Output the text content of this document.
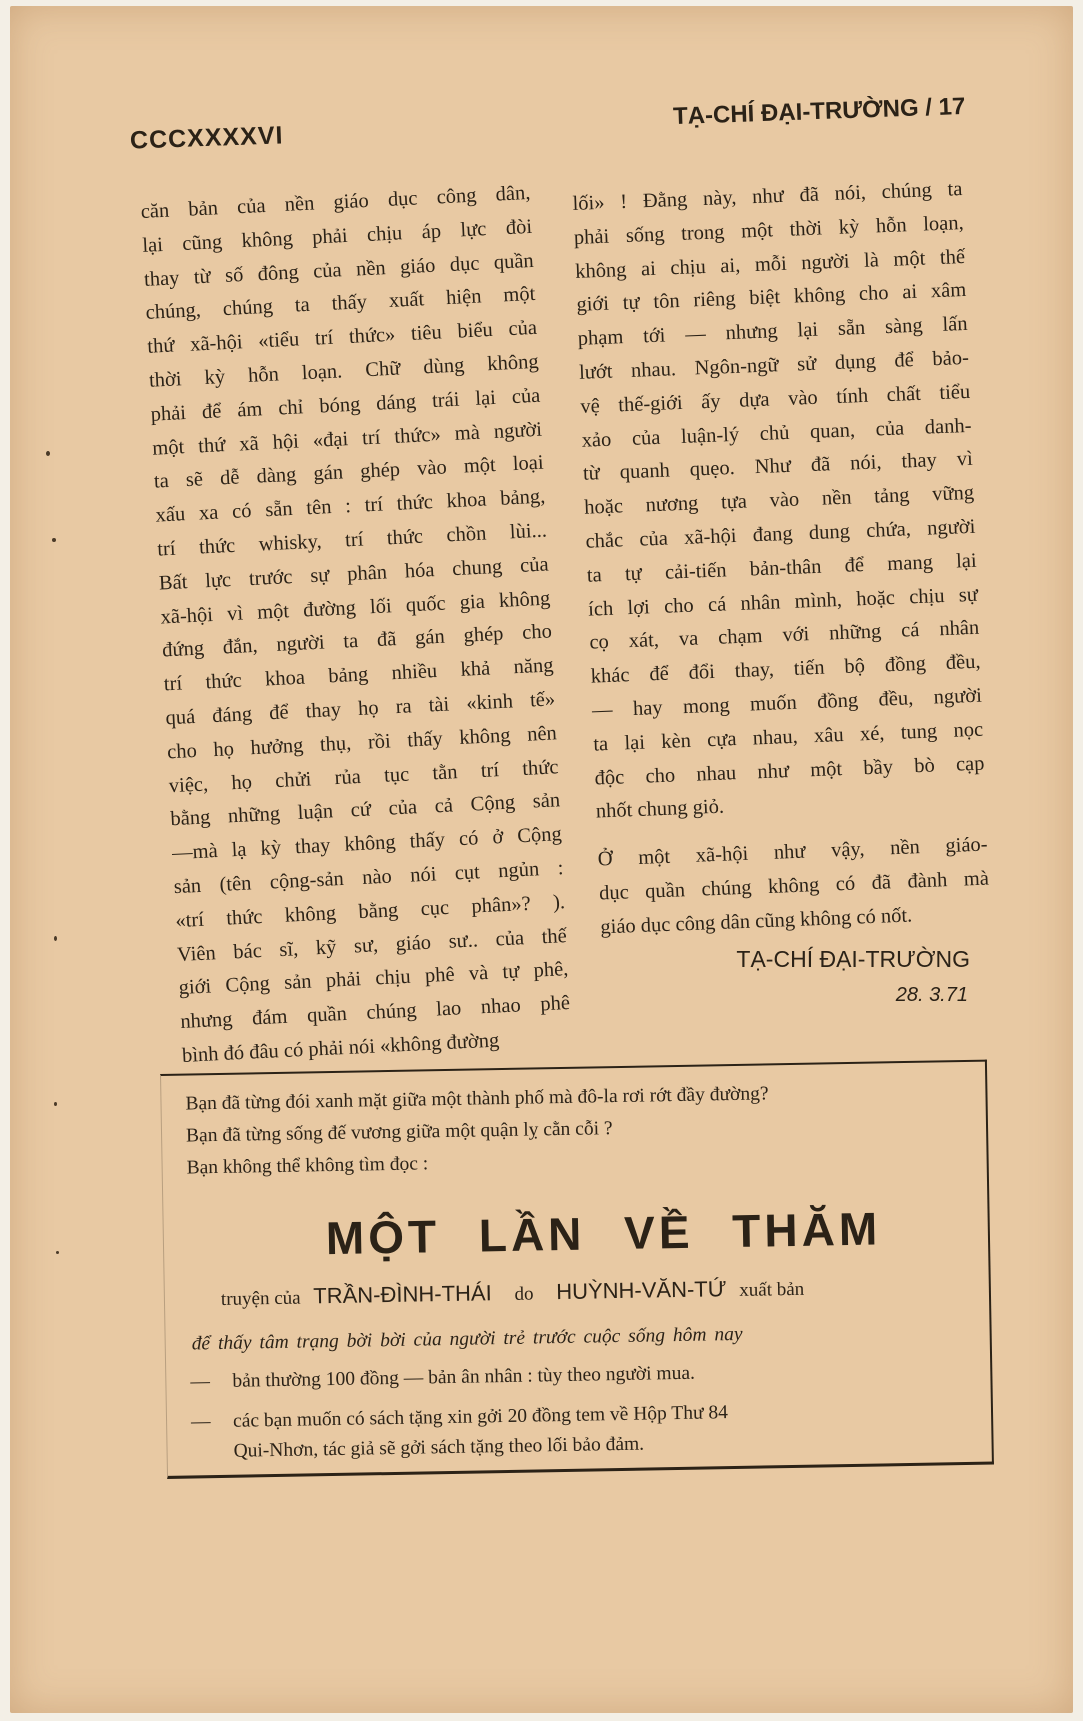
CCCXXXXVI
TẠ-CHÍ ĐẠI-TRƯỜNG / 17
căn bản của nền giáo dục công dân,
lại cũng không phải chịu áp lực đòi
thay từ số đông của nền giáo dục quần
chúng, chúng ta thấy xuất hiện một
thứ xã-hội «tiểu trí thức» tiêu biểu của
thời kỳ hỗn loạn. Chữ dùng không
phải để ám chỉ bóng dáng trái lại của
một thứ xã hội «đại trí thức» mà người
ta sẽ dễ dàng gán ghép vào một loại
xấu xa có sẵn tên : trí thức khoa bảng,
trí thức whisky, trí thức chồn lùi...
Bất lực trước sự phân hóa chung của
xã-hội vì một đường lối quốc gia không
đứng đắn, người ta đã gán ghép cho
trí thức khoa bảng nhiều khả năng
quá đáng để thay họ ra tài «kinh tế»
cho họ hưởng thụ, rồi thấy không nên
việc, họ chửi rủa tục tằn trí thức
bằng những luận cứ của cả Cộng sản
—mà lạ kỳ thay không thấy có ở Cộng
sản (tên cộng-sản nào nói cụt ngủn :
«trí thức không bằng cục phân»? ).
Viên bác sĩ, kỹ sư, giáo sư.. của thế
giới Cộng sản phải chịu phê và tự phê,
nhưng đám quần chúng lao nhao phê
bình đó đâu có phải nói «không đường
lối» ! Đằng này, như đã nói, chúng ta
phải sống trong một thời kỳ hỗn loạn,
không ai chịu ai, mỗi người là một thế
giới tự tôn riêng biệt không cho ai xâm
phạm tới — nhưng lại sẵn sàng lấn
lướt nhau. Ngôn-ngữ sử dụng để bảo-
vệ thế-giới ấy dựa vào tính chất tiểu
xảo của luận-lý chủ quan, của danh-
từ quanh quẹo. Như đã nói, thay vì
hoặc nương tựa vào nền tảng vững
chắc của xã-hội đang dung chứa, người
ta tự cải-tiến bản-thân để mang lại
ích lợi cho cá nhân mình, hoặc chịu sự
cọ xát, va chạm với những cá nhân
khác để đổi thay, tiến bộ đồng đều,
— hay mong muốn đồng đều, người
ta lại kèn cựa nhau, xâu xé, tung nọc
độc cho nhau như một bầy bò cạp
nhốt chung giỏ.
Ở một xã-hội như vậy, nền giáo-
dục quần chúng không có đã đành mà
giáo dục công dân cũng không có nốt.
TẠ-CHÍ ĐẠI-TRƯỜNG
28. 3.71
Bạn đã từng đói xanh mặt giữa một thành phố mà đô-la rơi rớt đầy đường?
Bạn đã từng sống đế vương giữa một quận lỵ cằn cỗi ?
Bạn không thể không tìm đọc :
MỘT LẦN VỀ THĂM
truyện của TRẦN-ĐÌNH-THÁI do HUỲNH-VĂN-TỨ xuất bản
để thấy tâm trạng bời bời của người trẻ trước cuộc sống hôm nay
— bản thường 100 đồng — bản ân nhân : tùy theo người mua.
— các bạn muốn có sách tặng xin gởi 20 đồng tem về Hộp Thư 84
Qui-Nhơn, tác giả sẽ gởi sách tặng theo lối bảo đảm.
